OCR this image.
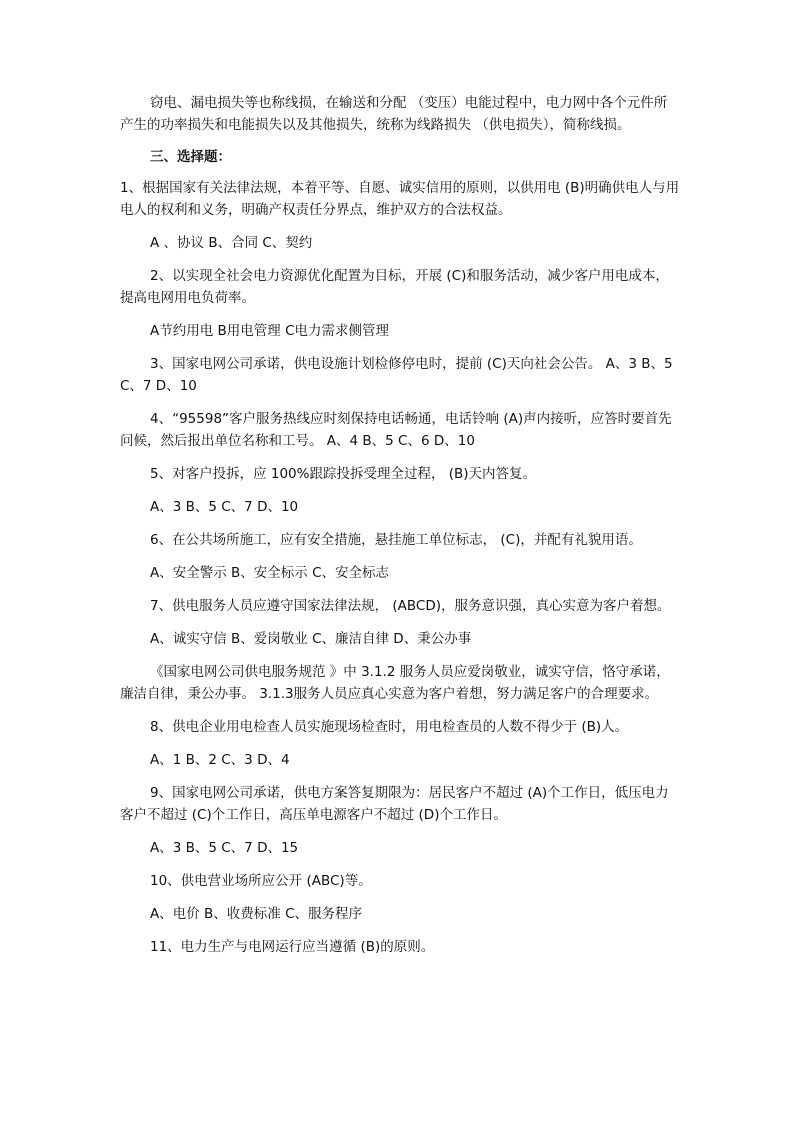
窃电、漏电损失等也称线损，在输送和分配 （变压）电能过程中，电力网中各个元件所产生的功率损失和电能损失以及其他损失，统称为线路损失 （供电损失），简称线损。

三、选择题：

1、根据国家有关法律法规，本着平等、自愿、诚实信用的原则，以供用电 (B)明确供电人与用电人的权利和义务，明确产权责任分界点，维护双方的合法权益。

A 、协议 B、合同 C、契约

2、以实现全社会电力资源优化配置为目标，开展 (C)和服务活动，减少客户用电成本，提高电网用电负荷率。

A节约用电 B用电管理 C电力需求侧管理

3、国家电网公司承诺，供电设施计划检修停电时，提前 (C)天向社会公告。 A、3 B、5 C、7 D、10

4、“95598”客户服务热线应时刻保持电话畅通，电话铃响 (A)声内接听，应答时要首先问候，然后报出单位名称和工号。 A、4 B、5 C、6 D、10

5、对客户投拆，应 100%跟踪投拆受理全过程， (B)天内答复。

A、3 B、5 C、7 D、10

6、在公共场所施工，应有安全措施，悬挂施工单位标志， (C)，并配有礼貌用语。

A、安全警示 B、安全标示 C、安全标志

7、供电服务人员应遵守国家法律法规， (ABCD)，服务意识强，真心实意为客户着想。

A、诚实守信 B、爱岗敬业 C、廉洁自律 D、秉公办事

《国家电网公司供电服务规范 》中 3.1.2 服务人员应爱岗敬业，诚实守信，恪守承诺，廉洁自律，秉公办事。 3.1.3服务人员应真心实意为客户着想，努力满足客户的合理要求。

8、供电企业用电检查人员实施现场检查时，用电检查员的人数不得少于 (B)人。

A、1 B、2 C、3 D、4

9、国家电网公司承诺，供电方案答复期限为：居民客户不超过 (A)个工作日，低压电力客户不超过 (C)个工作日，高压单电源客户不超过 (D)个工作日。

A、3 B、5 C、7 D、15

10、供电营业场所应公开 (ABC)等。

A、电价 B、收费标准 C、服务程序

11、电力生产与电网运行应当遵循 (B)的原则。
